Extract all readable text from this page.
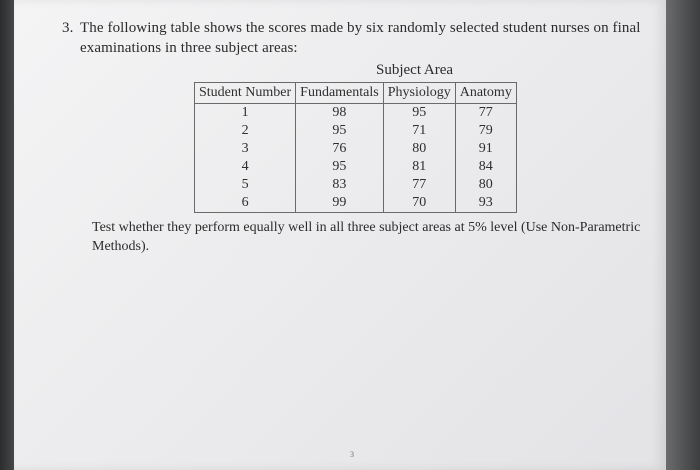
3. The following table shows the scores made by six randomly selected student nurses on final
examinations in three subject areas:
Subject Area
Student Number	Fundamentals	Physiology	Anatomy
1	98	95	77
2	95	71	79
3	76	80	91
4	95	81	84
5	83	77	80
6	99	70	93
Test whether they perform equally well in all three subject areas at 5% level (Use Non-Parametric
Methods).
3
